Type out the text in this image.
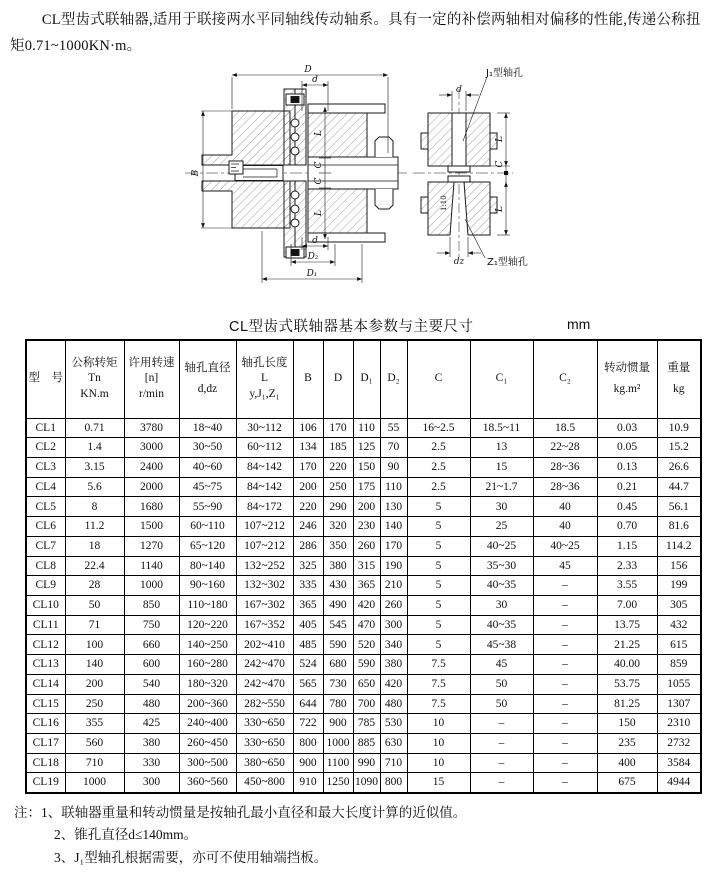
CL型齿式联轴器,适用于联接两水平同轴线传动轴系。具有一定的补偿两轴相对偏移的性能,传递公称扭矩0.71~1000KN·m。

D
d
B
L
C
C
L
d
D₂
D₁
d
dz
L
C
L
1:10
J₁型轴孔
Z₁型轴孔
CL型齿式联轴器基本参数与主要尺寸	mm
型　号

公称转矩
Tn
KN.m

许用转速
[n]
r/min

轴孔直径
d,dz

轴孔长度
L
y,J₁,Z₁

B	D	D₁	D₂	C	C₁	C₂

转动惯量
kg.m²

重量
kg

CL1	0.71	3780	18~40	30~112	106	170	110	55	16~2.5	18.5~11	18.5	0.03	10.9
CL2	1.4	3000	30~50	60~112	134	185	125	70	2.5	13	22~28	0.05	15.2
CL3	3.15	2400	40~60	84~142	170	220	150	90	2.5	15	28~36	0.13	26.6
CL4	5.6	2000	45~75	84~142	200	250	175	110	2.5	21~1.7	28~36	0.21	44.7
CL5	8	1680	55~90	84~172	220	290	200	130	5	30	40	0.45	56.1
CL6	11.2	1500	60~110	107~212	246	320	230	140	5	25	40	0.70	81.6
CL7	18	1270	65~120	107~212	286	350	260	170	5	40~25	40~25	1.15	114.2
CL8	22.4	1140	80~140	132~252	325	380	315	190	5	35~30	45	2.33	156
CL9	28	1000	90~160	132~302	335	430	365	210	5	40~35	–	3.55	199
CL10	50	850	110~180	167~302	365	490	420	260	5	30	–	7.00	305
CL11	71	750	120~220	167~352	405	545	470	300	5	40~35	–	13.75	432
CL12	100	660	140~250	202~410	485	590	520	340	5	45~38	–	21.25	615
CL13	140	600	160~280	242~470	524	680	590	380	7.5	45	–	40.00	859
CL14	200	540	180~320	242~470	565	730	650	420	7.5	50	–	53.75	1055
CL15	250	480	200~360	282~550	644	780	700	480	7.5	50	–	81.25	1307
CL16	355	425	240~400	330~650	722	900	785	530	10	–	–	150	2310
CL17	560	380	260~450	330~650	800	1000	885	630	10	–	–	235	2732
CL18	710	330	300~500	380~650	900	1100	990	710	10	–	–	400	3584
CL19	1000	300	360~560	450~800	910	1250	1090	800	15	–	–	675	4944
注：1、联轴器重量和转动惯量是按轴孔最小直径和最大长度计算的近似值。
2、锥孔直径d≤140mm。
3、J₁型轴孔根据需要，亦可不使用轴端挡板。
